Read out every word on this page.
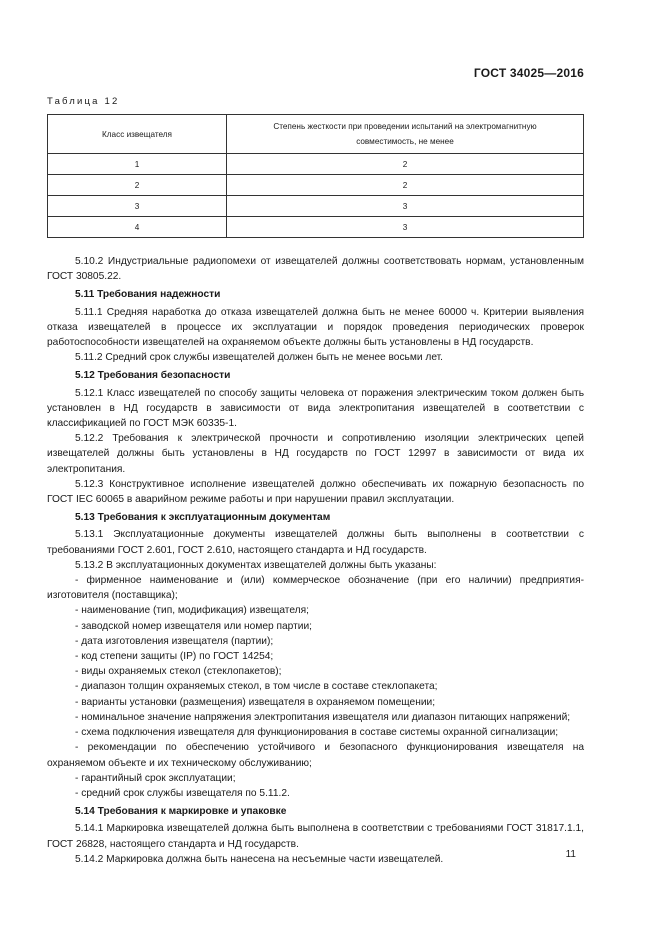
ГОСТ 34025—2016
Таблица 12
Класс извещателя	Степень жесткости при проведении испытаний на электромагнитную
совместимость, не менее

1	2
2	2
3	3
4	3

5.10.2 Индустриальные радиопомехи от извещателей должны соответствовать нормам, установленным ГОСТ 30805.22.

5.11 Требования надежности

5.11.1 Средняя наработка до отказа извещателей должна быть не менее 60000 ч. Критерии выявления отказа извещателей в процессе их эксплуатации и порядок проведения периодических проверок работоспособности извещателей на охраняемом объекте должны быть установлены в НД государств.

5.11.2 Средний срок службы извещателей должен быть не менее восьми лет.

5.12 Требования безопасности

5.12.1 Класс извещателей по способу защиты человека от поражения электрическим током должен быть установлен в НД государств в зависимости от вида электропитания извещателей в соответствии с классификацией по ГОСТ МЭК 60335-1.

5.12.2 Требования к электрической прочности и сопротивлению изоляции электрических цепей извещателей должны быть установлены в НД государств по ГОСТ 12997 в зависимости от вида их электропитания.

5.12.3 Конструктивное исполнение извещателей должно обеспечивать их пожарную безопасность по ГОСТ IEC 60065 в аварийном режиме работы и при нарушении правил эксплуатации.

5.13 Требования к эксплуатационным документам

5.13.1 Эксплуатационные документы извещателей должны быть выполнены в соответствии с требованиями ГОСТ 2.601, ГОСТ 2.610, настоящего стандарта и НД государств.

5.13.2 В эксплуатационных документах извещателей должны быть указаны:

- фирменное наименование и (или) коммерческое обозначение (при его наличии) предприятия-изготовителя (поставщика);

- наименование (тип, модификация) извещателя;

- заводской номер извещателя или номер партии;

- дата изготовления извещателя (партии);

- код степени защиты (IP) по ГОСТ 14254;

- виды охраняемых стекол (стеклопакетов);

- диапазон толщин охраняемых стекол, в том числе в составе стеклопакета;

- варианты установки (размещения) извещателя в охраняемом помещении;

- номинальное значение напряжения электропитания извещателя или диапазон питающих напряжений;

- схема подключения извещателя для функционирования в составе системы охранной сигнализации;

- рекомендации по обеспечению устойчивого и безопасного функционирования извещателя на охраняемом объекте и их техническому обслуживанию;

- гарантийный срок эксплуатации;

- средний срок службы извещателя по 5.11.2.

5.14 Требования к маркировке и упаковке

5.14.1 Маркировка извещателей должна быть выполнена в соответствии с требованиями ГОСТ 31817.1.1, ГОСТ 26828, настоящего стандарта и НД государств.

5.14.2 Маркировка должна быть нанесена на несъемные части извещателей.	11
